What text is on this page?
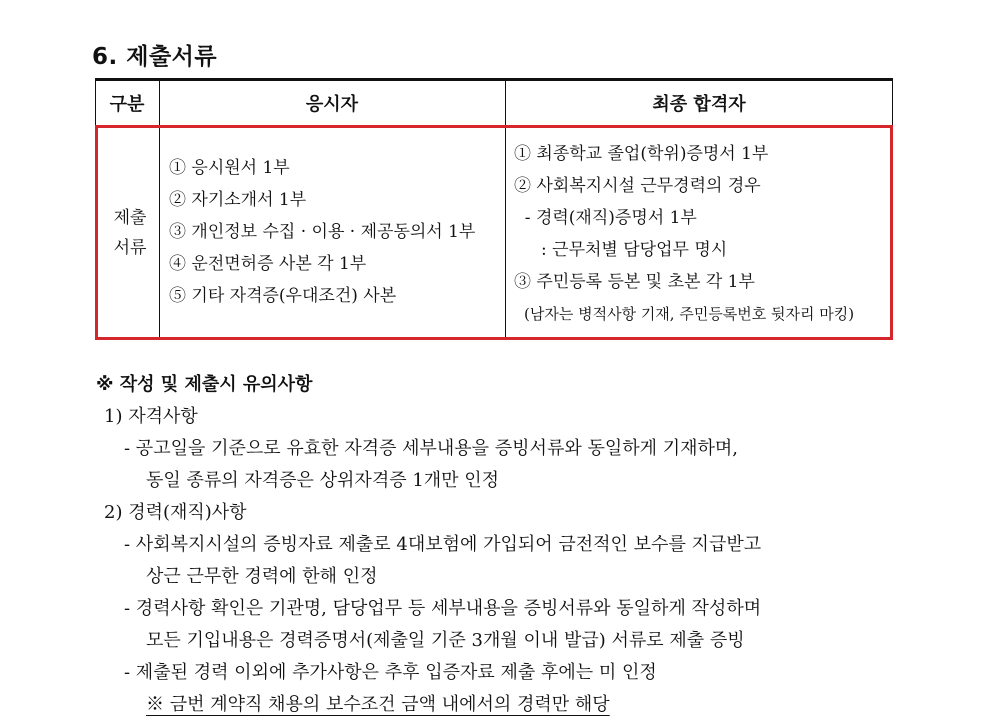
6. 제출서류
구분	응시자	최종 합격자
제출
서류
① 응시원서 1부
② 자기소개서 1부
③ 개인정보 수집 · 이용 · 제공동의서 1부
④ 운전면허증 사본 각 1부
⑤ 기타 자격증(우대조건) 사본
① 최종학교 졸업(학위)증명서 1부
② 사회복지시설 근무경력의 경우
- 경력(재직)증명서 1부
: 근무처별 담당업무 명시
③ 주민등록 등본 및 초본 각 1부
(남자는 병적사항 기재, 주민등록번호 뒷자리 마킹)
※ 작성 및 제출시 유의사항
1) 자격사항
- 공고일을 기준으로 유효한 자격증 세부내용을 증빙서류와 동일하게 기재하며,
동일 종류의 자격증은 상위자격증 1개만 인정
2) 경력(재직)사항
- 사회복지시설의 증빙자료 제출로 4대보험에 가입되어 금전적인 보수를 지급받고
상근 근무한 경력에 한해 인정
- 경력사항 확인은 기관명, 담당업무 등 세부내용을 증빙서류와 동일하게 작성하며
모든 기입내용은 경력증명서(제출일 기준 3개월 이내 발급) 서류로 제출 증빙
- 제출된 경력 이외에 추가사항은 추후 입증자료 제출 후에는 미 인정
※ 금번 계약직 채용의 보수조건 금액 내에서의 경력만 해당
